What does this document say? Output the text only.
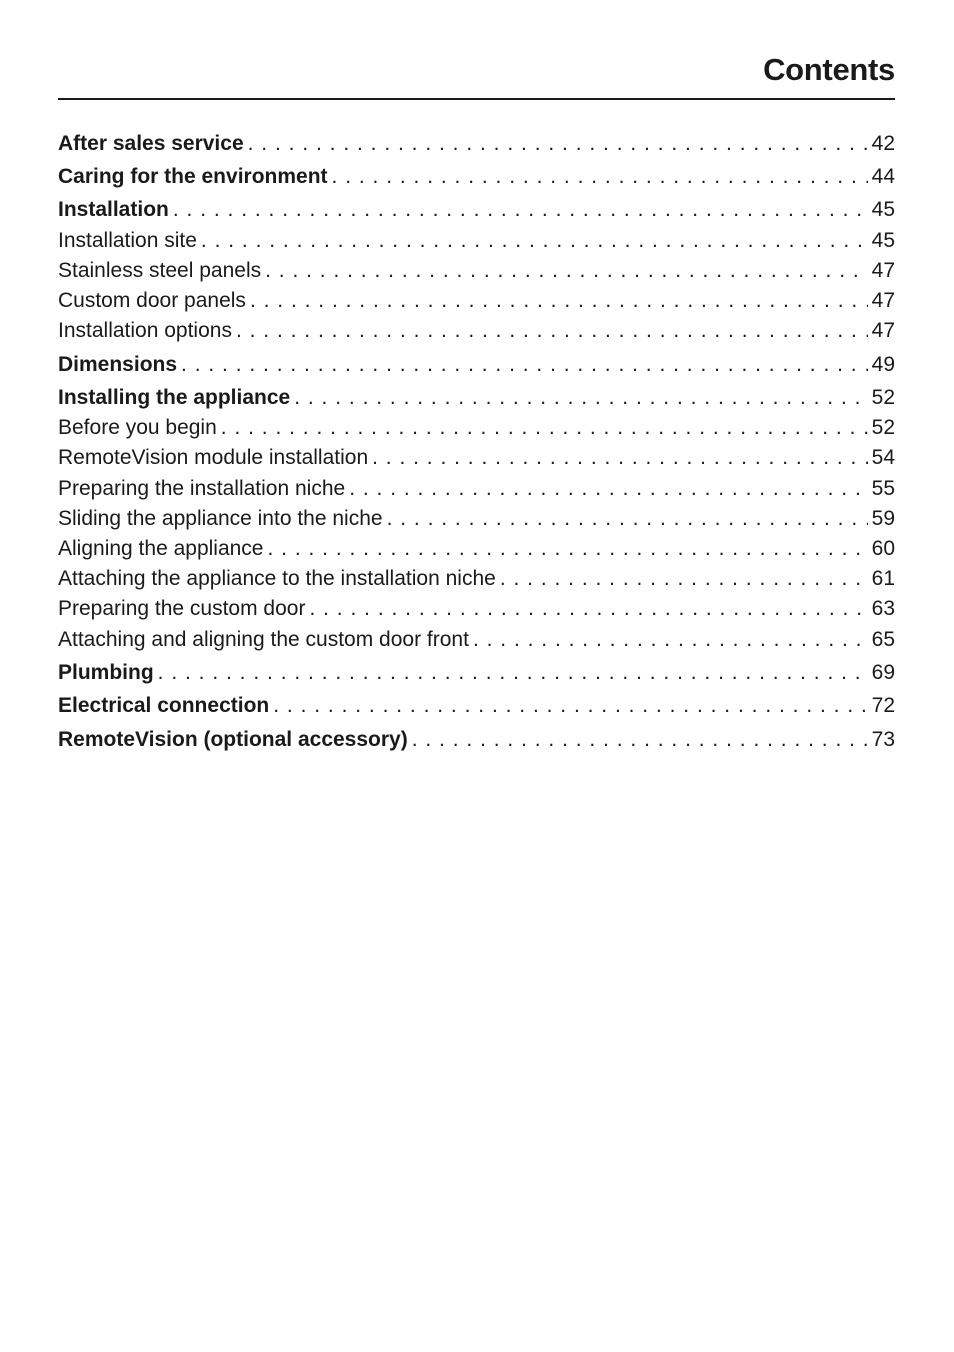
Contents
After sales service . . .	42
Caring for the environment . . .	44
Installation . . .	45
Installation site . . .	45
Stainless steel panels . . .	47
Custom door panels . . .	47
Installation options . . .	47
Dimensions . . .	49
Installing the appliance . . .	52
Before you begin . . .	52
RemoteVision module installation . . .	54
Preparing the installation niche . . .	55
Sliding the appliance into the niche . . .	59
Aligning the appliance . . .	60
Attaching the appliance to the installation niche . . .	61
Preparing the custom door . . .	63
Attaching and aligning the custom door front . . .	65
Plumbing . . .	69
Electrical connection . . .	72
RemoteVision (optional accessory) . . .	73
